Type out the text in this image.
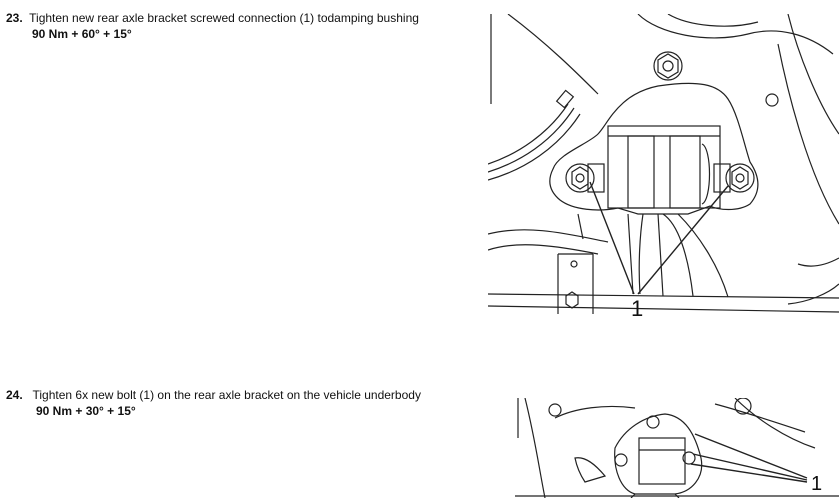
23. Tighten new rear axle bracket screwed connection (1) todamping bushing
90 Nm + 60° + 15°
1
24. Tighten 6x new bolt (1) on the rear axle bracket on the vehicle underbody
90 Nm + 30° + 15°
1
